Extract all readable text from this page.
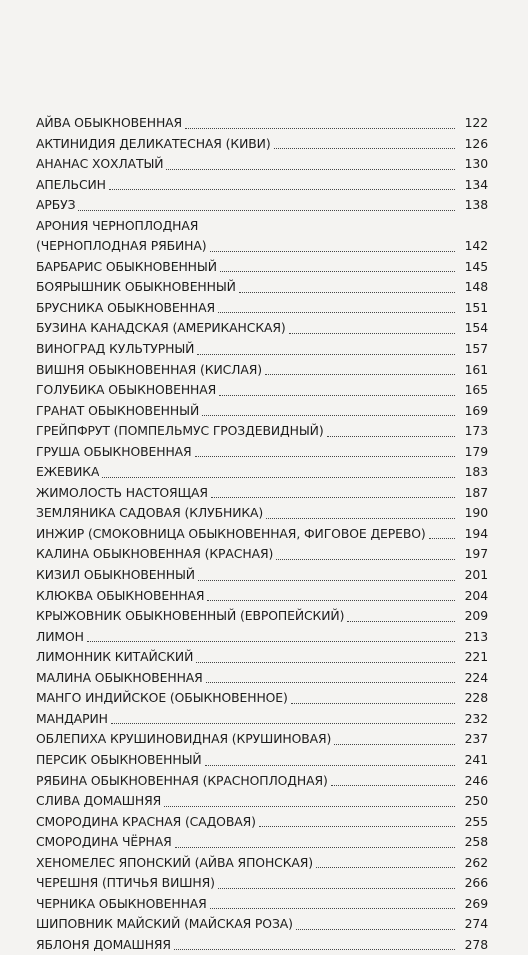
АЙВА ОБЫКНОВЕННАЯ	122
АКТИНИДИЯ ДЕЛИКАТЕСНАЯ (КИВИ)	126
АНАНАС ХОХЛАТЫЙ	130
АПЕЛЬСИН	134
АРБУЗ	138
АРОНИЯ ЧЕРНОПЛОДНАЯ
(ЧЕРНОПЛОДНАЯ РЯБИНА)	142
БАРБАРИС ОБЫКНОВЕННЫЙ	145
БОЯРЫШНИК ОБЫКНОВЕННЫЙ	148
БРУСНИКА ОБЫКНОВЕННАЯ	151
БУЗИНА КАНАДСКАЯ (АМЕРИКАНСКАЯ)	154
ВИНОГРАД КУЛЬТУРНЫЙ	157
ВИШНЯ ОБЫКНОВЕННАЯ (КИСЛАЯ)	161
ГОЛУБИКА ОБЫКНОВЕННАЯ	165
ГРАНАТ ОБЫКНОВЕННЫЙ	169
ГРЕЙПФРУТ (ПОМПЕЛЬМУС ГРОЗДЕВИДНЫЙ)	173
ГРУША ОБЫКНОВЕННАЯ	179
ЕЖЕВИКА	183
ЖИМОЛОСТЬ НАСТОЯЩАЯ	187
ЗЕМЛЯНИКА САДОВАЯ (КЛУБНИКА)	190
ИНЖИР (СМОКОВНИЦА ОБЫКНОВЕННАЯ, ФИГОВОЕ ДЕРЕВО)	194
КАЛИНА ОБЫКНОВЕННАЯ (КРАСНАЯ)	197
КИЗИЛ ОБЫКНОВЕННЫЙ	201
КЛЮКВА ОБЫКНОВЕННАЯ	204
КРЫЖОВНИК ОБЫКНОВЕННЫЙ (ЕВРОПЕЙСКИЙ)	209
ЛИМОН	213
ЛИМОННИК КИТАЙСКИЙ	221
МАЛИНА ОБЫКНОВЕННАЯ	224
МАНГО ИНДИЙСКОЕ (ОБЫКНОВЕННОЕ)	228
МАНДАРИН	232
ОБЛЕПИХА КРУШИНОВИДНАЯ (КРУШИНОВАЯ)	237
ПЕРСИК ОБЫКНОВЕННЫЙ	241
РЯБИНА ОБЫКНОВЕННАЯ (КРАСНОПЛОДНАЯ)	246
СЛИВА ДОМАШНЯЯ	250
СМОРОДИНА КРАСНАЯ (САДОВАЯ)	255
СМОРОДИНА ЧЁРНАЯ	258
ХЕНОМЕЛЕС ЯПОНСКИЙ (АЙВА ЯПОНСКАЯ)	262
ЧЕРЕШНЯ (ПТИЧЬЯ ВИШНЯ)	266
ЧЕРНИКА ОБЫКНОВЕННАЯ	269
ШИПОВНИК МАЙСКИЙ (МАЙСКАЯ РОЗА)	274
ЯБЛОНЯ ДОМАШНЯЯ	278
